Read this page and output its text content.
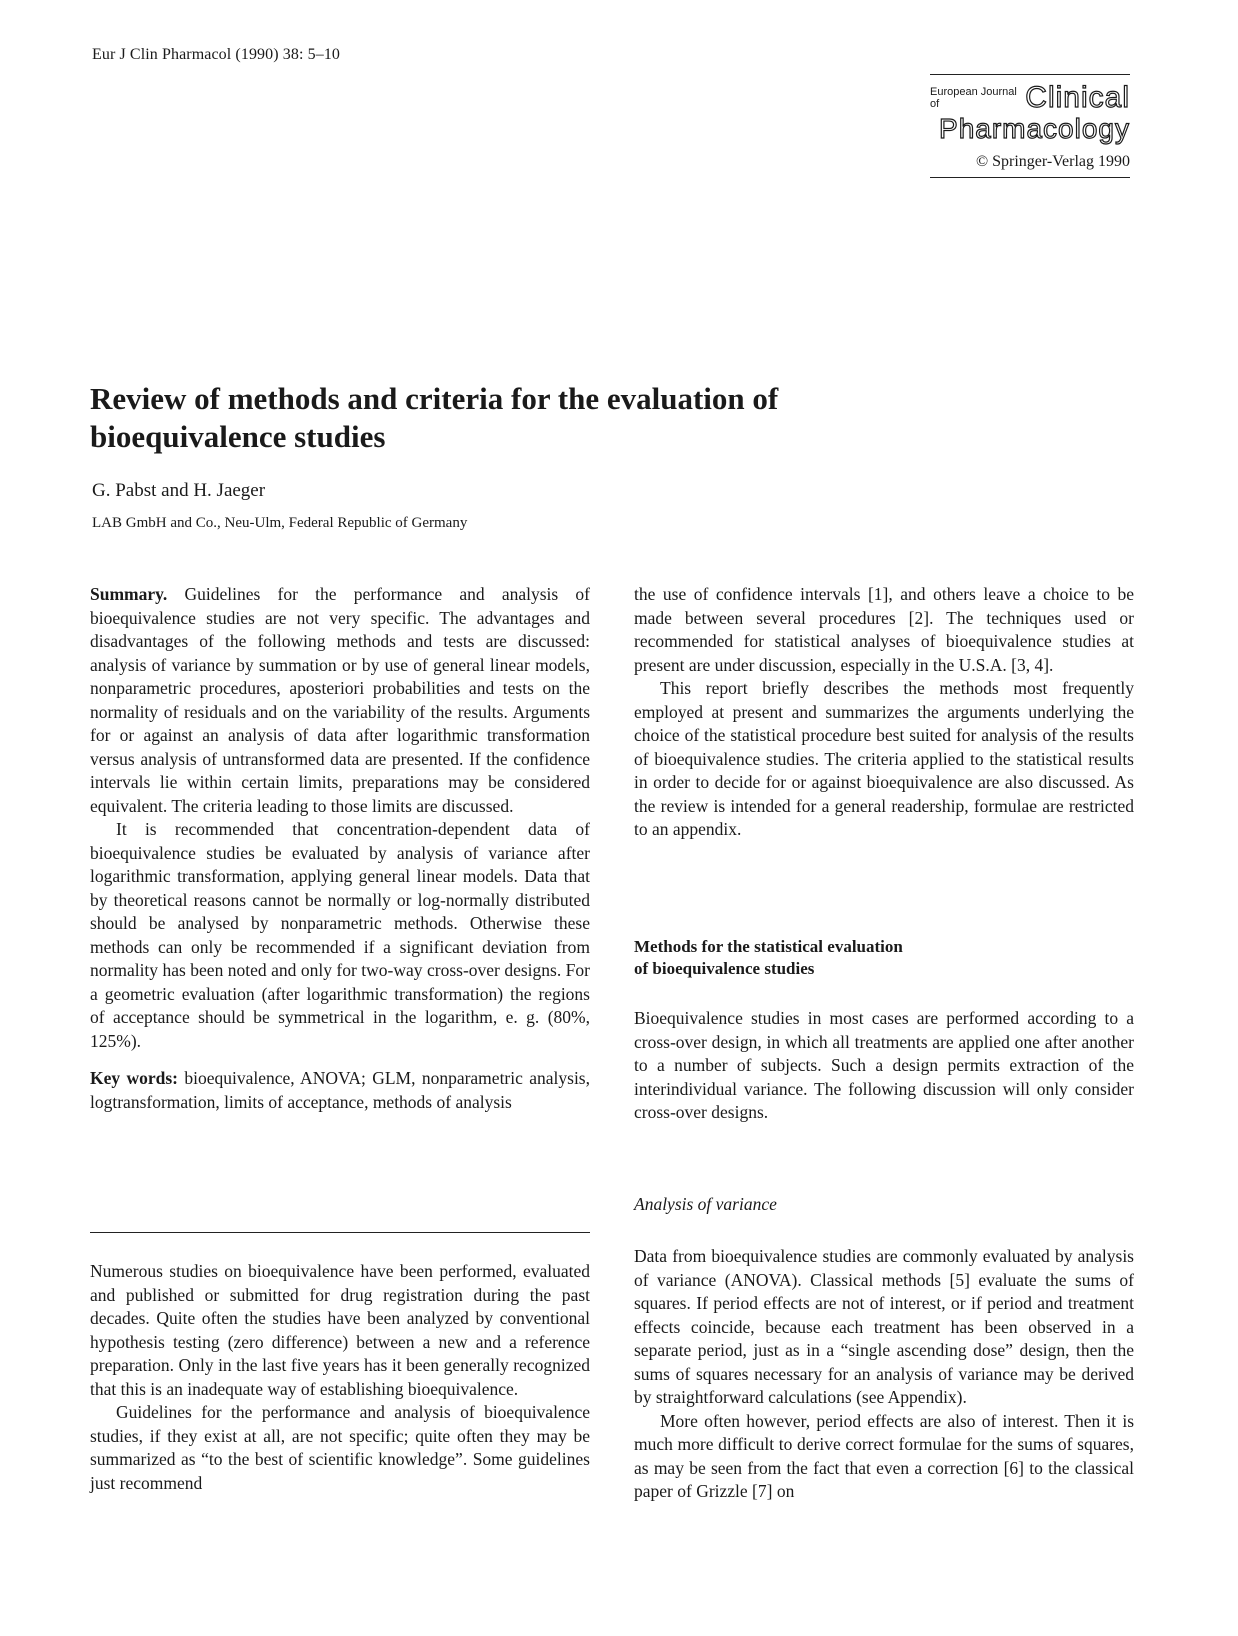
Eur J Clin Pharmacol (1990) 38: 5–10
European Journal of	Clinical
Pharmacology
© Springer-Verlag 1990
Review of methods and criteria for the evaluation of bioequivalence studies
G. Pabst and H. Jaeger
LAB GmbH and Co., Neu-Ulm, Federal Republic of Germany

Summary. Guidelines for the performance and analysis of bioequivalence studies are not very specific. The advantages and disadvantages of the following methods and tests are discussed: analysis of variance by summation or by use of general linear models, nonparametric procedures, aposteriori probabilities and tests on the normality of residuals and on the variability of the results. Arguments for or against an analysis of data after logarithmic transformation versus analysis of untransformed data are presented. If the confidence intervals lie within certain limits, preparations may be considered equivalent. The criteria leading to those limits are discussed.

It is recommended that concentration-dependent data of bioequivalence studies be evaluated by analysis of variance after logarithmic transformation, applying general linear models. Data that by theoretical reasons cannot be normally or log-normally distributed should be analysed by nonparametric methods. Otherwise these methods can only be recommended if a significant deviation from normality has been noted and only for two-way cross-over designs. For a geometric evaluation (after logarithmic transformation) the regions of acceptance should be symmetrical in the logarithm, e. g. (80%, 125%).

Key words: bioequivalence, ANOVA; GLM, nonparametric analysis, logtransformation, limits of acceptance, methods of analysis

Numerous studies on bioequivalence have been performed, evaluated and published or submitted for drug registration during the past decades. Quite often the studies have been analyzed by conventional hypothesis testing (zero difference) between a new and a reference preparation. Only in the last five years has it been generally recognized that this is an inadequate way of establishing bioequivalence.

Guidelines for the performance and analysis of bioequivalence studies, if they exist at all, are not specific; quite often they may be summarized as “to the best of scientific knowledge”. Some guidelines just recommend

the use of confidence intervals [1], and others leave a choice to be made between several procedures [2]. The techniques used or recommended for statistical analyses of bioequivalence studies at present are under discussion, especially in the U.S.A. [3, 4].

This report briefly describes the methods most frequently employed at present and summarizes the arguments underlying the choice of the statistical procedure best suited for analysis of the results of bioequivalence studies. The criteria applied to the statistical results in order to decide for or against bioequivalence are also discussed. As the review is intended for a general readership, formulae are restricted to an appendix.

Methods for the statistical evaluation
of bioequivalence studies

Bioequivalence studies in most cases are performed according to a cross-over design, in which all treatments are applied one after another to a number of subjects. Such a design permits extraction of the interindividual variance. The following discussion will only consider cross-over designs.

Analysis of variance

Data from bioequivalence studies are commonly evaluated by analysis of variance (ANOVA). Classical methods [5] evaluate the sums of squares. If period effects are not of interest, or if period and treatment effects coincide, because each treatment has been observed in a separate period, just as in a “single ascending dose” design, then the sums of squares necessary for an analysis of variance may be derived by straightforward calculations (see Appendix).

More often however, period effects are also of interest. Then it is much more difficult to derive correct formulae for the sums of squares, as may be seen from the fact that even a correction [6] to the classical paper of Grizzle [7] on
